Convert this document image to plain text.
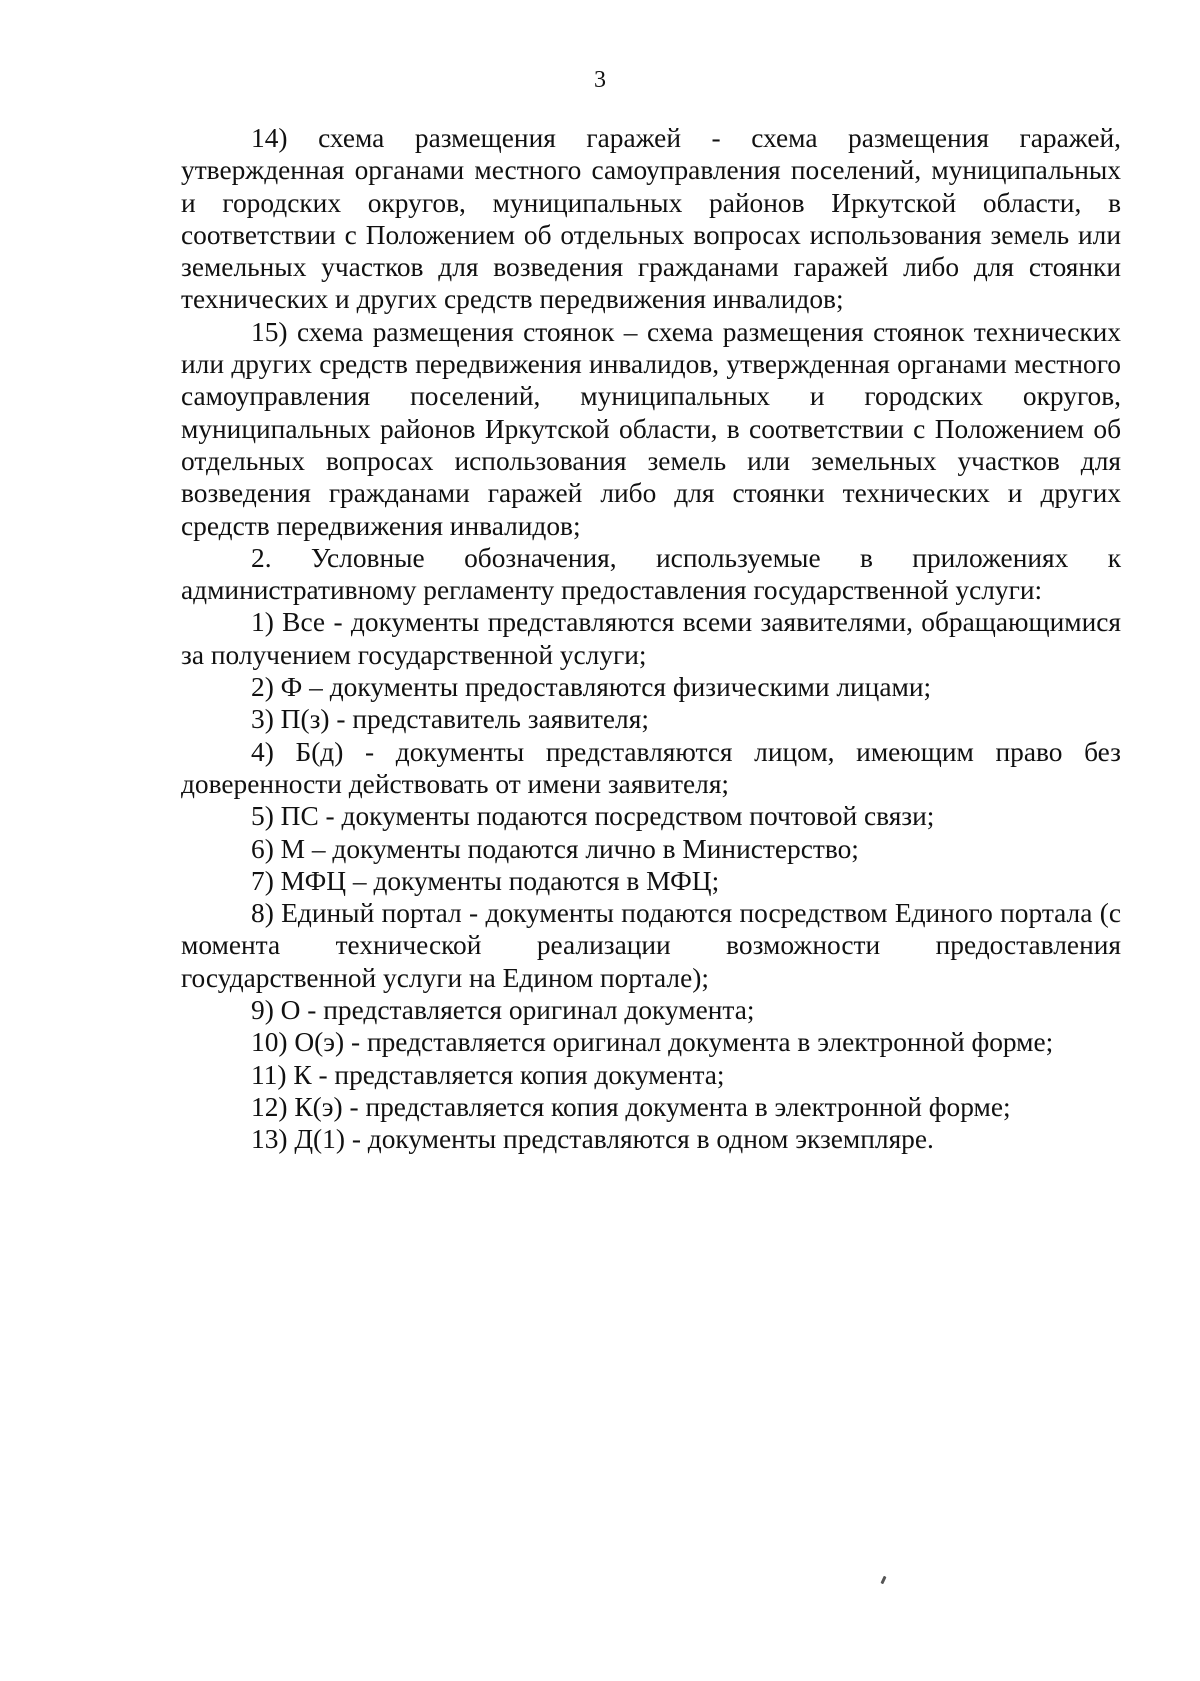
3

14) схема размещения гаражей - схема размещения гаражей, утвержденная органами местного самоуправления поселений, муниципальных и городских округов, муниципальных районов Иркутской области, в соответствии с Положением об отдельных вопросах использования земель или земельных участков для возведения гражданами гаражей либо для стоянки технических и других средств передвижения инвалидов;

15) схема размещения стоянок – схема размещения стоянок технических или других средств передвижения инвалидов, утвержденная органами местного самоуправления поселений, муниципальных и городских округов, муниципальных районов Иркутской области, в соответствии с Положением об отдельных вопросах использования земель или земельных участков для возведения гражданами гаражей либо для стоянки технических и других средств передвижения инвалидов;

2. Условные обозначения, используемые в приложениях к административному регламенту предоставления государственной услуги:

1) Все - документы представляются всеми заявителями, обращающимися за получением государственной услуги;

2) Ф – документы предоставляются физическими лицами;

3) П(з) - представитель заявителя;

4) Б(д) - документы представляются лицом, имеющим право без доверенности действовать от имени заявителя;

5) ПС - документы подаются посредством почтовой связи;

6) М – документы подаются лично в Министерство;

7) МФЦ – документы подаются в МФЦ;

8) Единый портал - документы подаются посредством Единого портала (с момента технической реализации возможности предоставления государственной услуги на Едином портале);

9) О - представляется оригинал документа;

10) О(э) - представляется оригинал документа в электронной форме;

11) К - представляется копия документа;

12) К(э) - представляется копия документа в электронной форме;

13) Д(1) - документы представляются в одном экземпляре.
